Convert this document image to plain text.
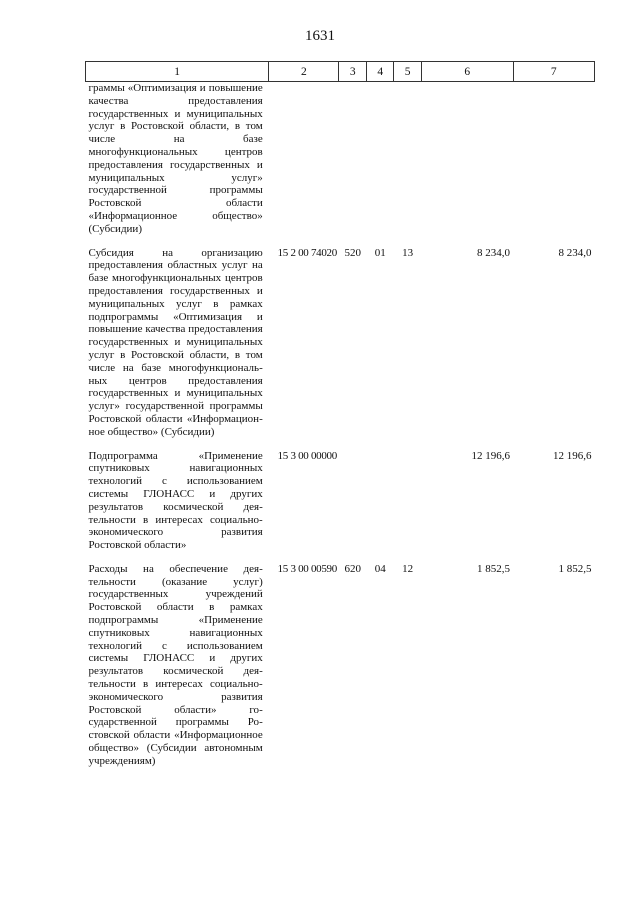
1631
1	2	3	4	5	6	7
граммы «Оптимизация и повышение качества предоставления государственных и муниципальных услуг в Ростовской области, в том числе на базе многофункциональных центров предоставления государственных и муниципальных услуг» государственной программы Ростовской области «Информационное общество» (Субсидии)						

Субсидия на организацию предоставления областных услуг на базе многофункциональных центров предоставления государственных и муниципальных услуг в рамках подпрограммы «Оптимизация и повышение качества предоставления государственных и муниципальных услуг в Ростовской области, в том числе на базе многофункциональных центров предоставления государственных и муниципальных услуг» государственной программы Ростовской области «Информационное общество» (Субсидии)	15 2 00 74020	520	01	13	8 234,0	8 234,0

Подпрограмма «Применение спутниковых навигационных технологий с использованием системы ГЛОНАСС и других результатов космической деятельности в интересах социально-экономического развития Ростовской области»	15 3 00 00000				12 196,6	12 196,6

Расходы на обеспечение деятельности (оказание услуг) государственных учреждений Ростовской области в рамках подпрограммы «Применение спутниковых навигационных технологий с использованием системы ГЛОНАСС и других результатов космической деятельности в интересах социально-экономического развития Ростовской области» государственной программы Ростовской области «Информационное общество» (Субсидии автономным учреждениям)	15 3 00 00590	620	04	12	1 852,5	1 852,5
